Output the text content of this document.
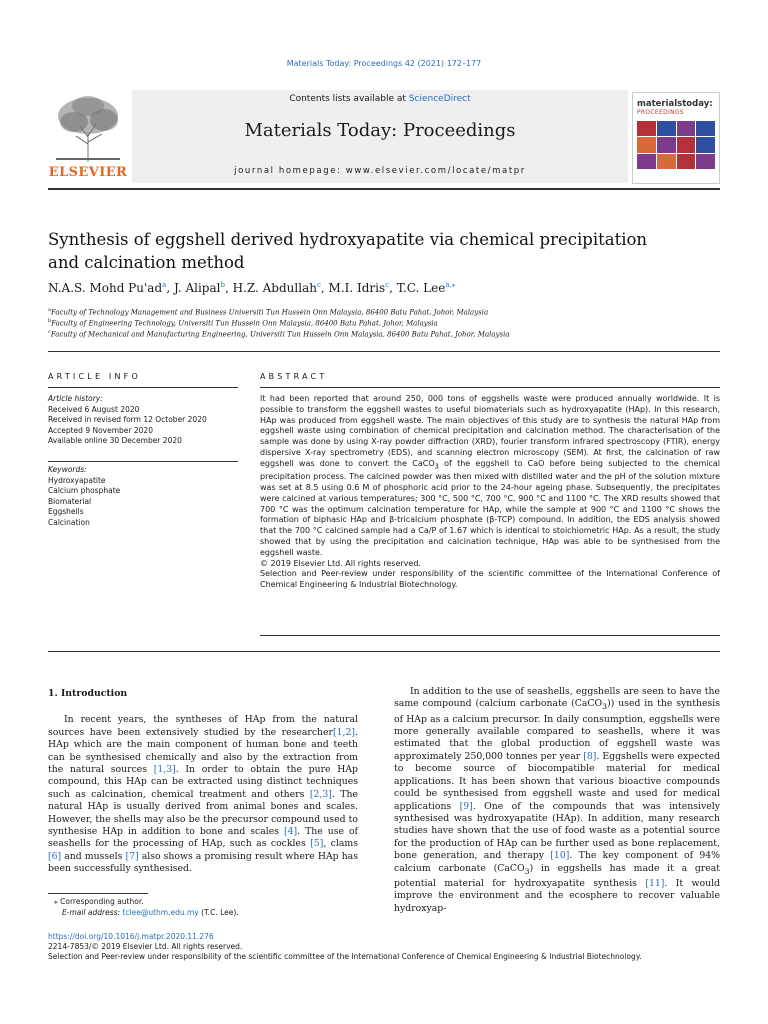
Materials Today: Proceedings 42 (2021) 172–177
ELSEVIER
Contents lists available at ScienceDirect
Materials Today: Proceedings
journal homepage: www.elsevier.com/locate/matpr
materialstoday:
PROCEEDINGS
Synthesis of eggshell derived hydroxyapatite via chemical precipitation
and calcination method
N.A.S. Mohd $Pu'ad^a$, J. Alipal$^b$, H.Z. Abdullah$^c$, M.I. Idris$^c$, T.C. Lee$^{a,⁎}$
$^a$Faculty of Technology Management and Business Universiti Tun Hussein Onn Malaysia, 86400 Batu Pahat, Johor, Malaysia
$^b$Faculty of Engineering Technology, Universiti Tun Hussein Onn Malaysia, 86400 Batu Pahat, Johor, Malaysia
$^c$Faculty of Mechanical and Manufacturing Engineering, Universiti Tun Hussein Onn Malaysia, 86400 Batu Pahat, Johor, Malaysia
ARTICLE INFO
Article history:
Received 6 August 2020
Received in revised form 12 October 2020
Accepted 9 November 2020
Available online 30 December 2020
Keywords:
Hydroxyapatite
Calcium phosphate
Biomaterial
Eggshells
Calcination
ABSTRACT

It had been reported that around 250, 000 tons of eggshells waste were produced annually worldwide. It is possible to transform the eggshell wastes to useful biomaterials such as hydroxyapatite (HAp). In this research, HAp was produced from eggshell waste. The main objectives of this study are to synthesis the natural HAp from eggshell waste using combination of chemical precipitation and calcination method. The characterisation of the sample was done by using X-ray powder diffraction (XRD), fourier transform infrared spectroscopy (FTIR), energy dispersive X-ray spectrometry (EDS), and scanning electron microscopy (SEM). At first, the calcination of raw eggshell was done to convert the CaCO$_3$ of the eggshell to CaO before being subjected to the chemical precipitation process. The calcined powder was then mixed with distilled water and the pH of the solution mixture was set at 8.5 using 0.6 M of phosphoric acid prior to the 24-hour ageing phase. Subsequently, the precipitates were calcined at various temperatures; 300 °C, 500 °C, 700 °C, 900 °C and 1100 °C. The XRD results showed that 700 °C was the optimum calcination temperature for HAp, while the sample at 900 °C and 1100 °C shows the formation of biphasic HAp and β-tricalcium phosphate (β-TCP) compound. In addition, the EDS analysis showed that the 700 °C calcined sample had a Ca/P of 1.67 which is identical to stoichiometric HAp. As a result, the study showed that by using the precipitation and calcination technique, HAp was able to be synthesised from the eggshell waste.

© 2019 Elsevier Ltd. All rights reserved.

Selection and Peer-review under responsibility of the scientific committee of the International Conference of Chemical Engineering & Industrial Biotechnology.

1. Introduction

In recent years, the syntheses of HAp from the natural sources have been extensively studied by the researcher[1,2]. HAp which are the main component of human bone and teeth can be synthesised chemically and also by the extraction from the natural sources [1,3]. In order to obtain the pure HAp compound, this HAp can be extracted using distinct techniques such as calcination, chemical treatment and others [2,3]. The natural HAp is usually derived from animal bones and scales. However, the shells may also be the precursor compound used to synthesise HAp in addition to bone and scales [4]. The use of seashells for the processing of HAp, such as cockles [5], clams [6] and mussels [7] also shows a promising result where HAp has been successfully synthesised.

In addition to the use of seashells, eggshells are seen to have the same compound (calcium carbonate (CaCO$_3$)) used in the synthesis of HAp as a calcium precursor. In daily consumption, eggshells were more generally available compared to seashells, where it was estimated that the global production of eggshell waste was approximately 250,000 tonnes per year [8]. Eggshells were expected to become source of biocompatible material for medical applications. It has been shown that various bioactive compounds could be synthesised from eggshell waste and used for medical applications [9]. One of the compounds that was intensively synthesised was hydroxyapatite (HAp). In addition, many research studies have shown that the use of food waste as a potential source for the production of HAp can be further used as bone replacement, bone generation, and therapy [10]. The key component of 94% calcium carbonate (CaCO$_3$) in eggshells has made it a great potential material for hydroxyapatite synthesis [11]. It would improve the environment and the ecosphere to recover valuable hydroxyap-

⁎ Corresponding author.
E-mail address: tclee@uthm.edu.my (T.C. Lee).
https://doi.org/10.1016/j.matpr.2020.11.276
2214-7853/© 2019 Elsevier Ltd. All rights reserved.
Selection and Peer-review under responsibility of the scientific committee of the International Conference of Chemical Engineering & Industrial Biotechnology.
